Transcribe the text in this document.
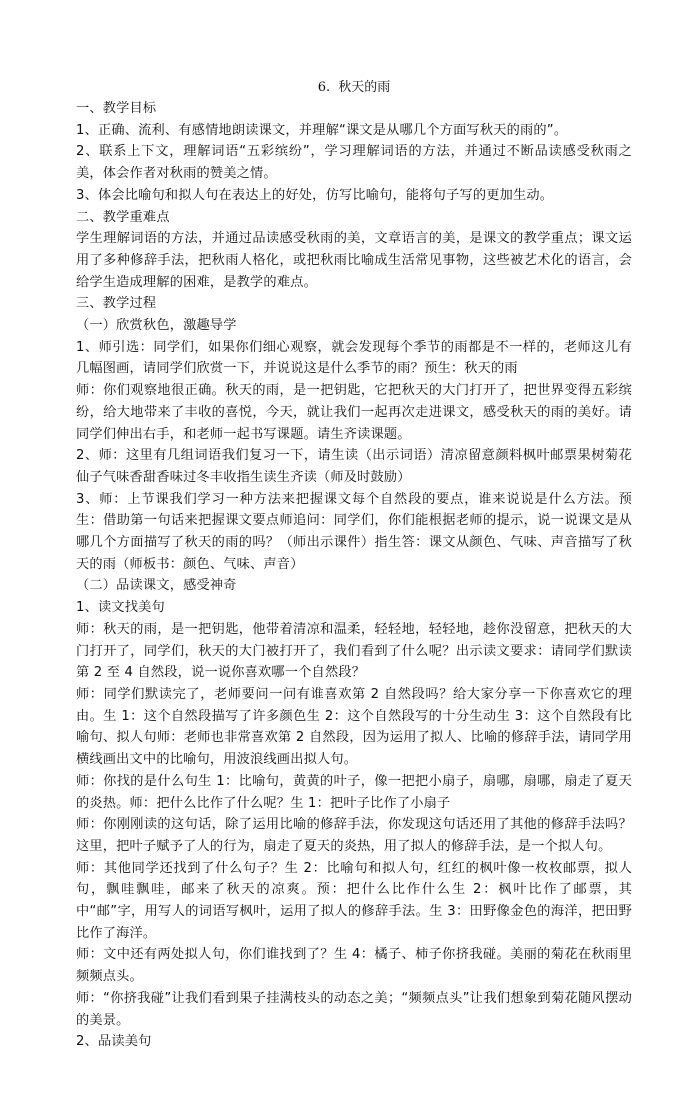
6. 秋天的雨

一、教学目标

1、正确、流利、有感情地朗读课文，并理解“课文是从哪几个方面写秋天的雨的”。

2、联系上下文，理解词语“五彩缤纷”，学习理解词语的方法，并通过不断品读感受秋雨之美，体会作者对秋雨的赞美之情。

3、体会比喻句和拟人句在表达上的好处，仿写比喻句，能将句子写的更加生动。

二、教学重难点

学生理解词语的方法，并通过品读感受秋雨的美，文章语言的美，是课文的教学重点；课文运用了多种修辞手法，把秋雨人格化，或把秋雨比喻成生活常见事物，这些被艺术化的语言，会给学生造成理解的困难，是教学的难点。

三、教学过程

（一）欣赏秋色，激趣导学

1、师引选：同学们，如果你们细心观察，就会发现每个季节的雨都是不一样的，老师这儿有几幅图画，请同学们欣赏一下，并说说这是什么季节的雨？预生：秋天的雨

师：你们观察地很正确。秋天的雨，是一把钥匙，它把秋天的大门打开了，把世界变得五彩缤纷，给大地带来了丰收的喜悦，今天，就让我们一起再次走进课文，感受秋天的雨的美好。请同学们伸出右手，和老师一起书写课题。请生齐读课题。

2、师：这里有几组词语我们复习一下，请生读（出示词语）清凉留意颜料枫叶邮票果树菊花仙子气味香甜香味过冬丰收指生读生齐读（师及时鼓励）

3、师：上节课我们学习一种方法来把握课文每个自然段的要点，谁来说说是什么方法。预生：借助第一句话来把握课文要点师追问：同学们，你们能根据老师的提示，说一说课文是从哪几个方面描写了秋天的雨的吗？（师出示课件）指生答：课文从颜色、气味、声音描写了秋天的雨（师板书：颜色、气味、声音）

（二）品读课文，感受神奇

1、读文找美句

师：秋天的雨，是一把钥匙，他带着清凉和温柔，轻轻地，轻轻地，趁你没留意，把秋天的大门打开了，同学们，秋天的大门被打开了，我们看到了什么呢？出示读文要求：请同学们默读第 2 至 4 自然段，说一说你喜欢哪一个自然段？

师：同学们默读完了，老师要问一问有谁喜欢第 2 自然段吗？给大家分享一下你喜欢它的理由。生 1：这个自然段描写了许多颜色生 2：这个自然段写的十分生动生 3：这个自然段有比喻句、拟人句师：老师也非常喜欢第 2 自然段，因为运用了拟人、比喻的修辞手法，请同学用横线画出文中的比喻句，用波浪线画出拟人句。

师：你找的是什么句生 1：比喻句，黄黄的叶子，像一把把小扇子，扇哪，扇哪，扇走了夏天的炎热。师：把什么比作了什么呢？生 1：把叶子比作了小扇子

师：你刚刚读的这句话，除了运用比喻的修辞手法，你发现这句话还用了其他的修辞手法吗？这里，把叶子赋予了人的行为，扇走了夏天的炎热，用了拟人的修辞手法，是一个拟人句。

师：其他同学还找到了什么句子？生 2：比喻句和拟人句，红红的枫叶像一枚枚邮票，拟人句，飘哇飘哇，邮来了秋天的凉爽。预：把什么比作什么生 2：枫叶比作了邮票，其中“邮”字，用写人的词语写枫叶，运用了拟人的修辞手法。生 3：田野像金色的海洋，把田野比作了海洋。

师：文中还有两处拟人句，你们谁找到了？生 4：橘子、柿子你挤我碰。美丽的菊花在秋雨里频频点头。

师：“你挤我碰”让我们看到果子挂满枝头的动态之美；“频频点头”让我们想象到菊花随风摆动的美景。

2、品读美句
